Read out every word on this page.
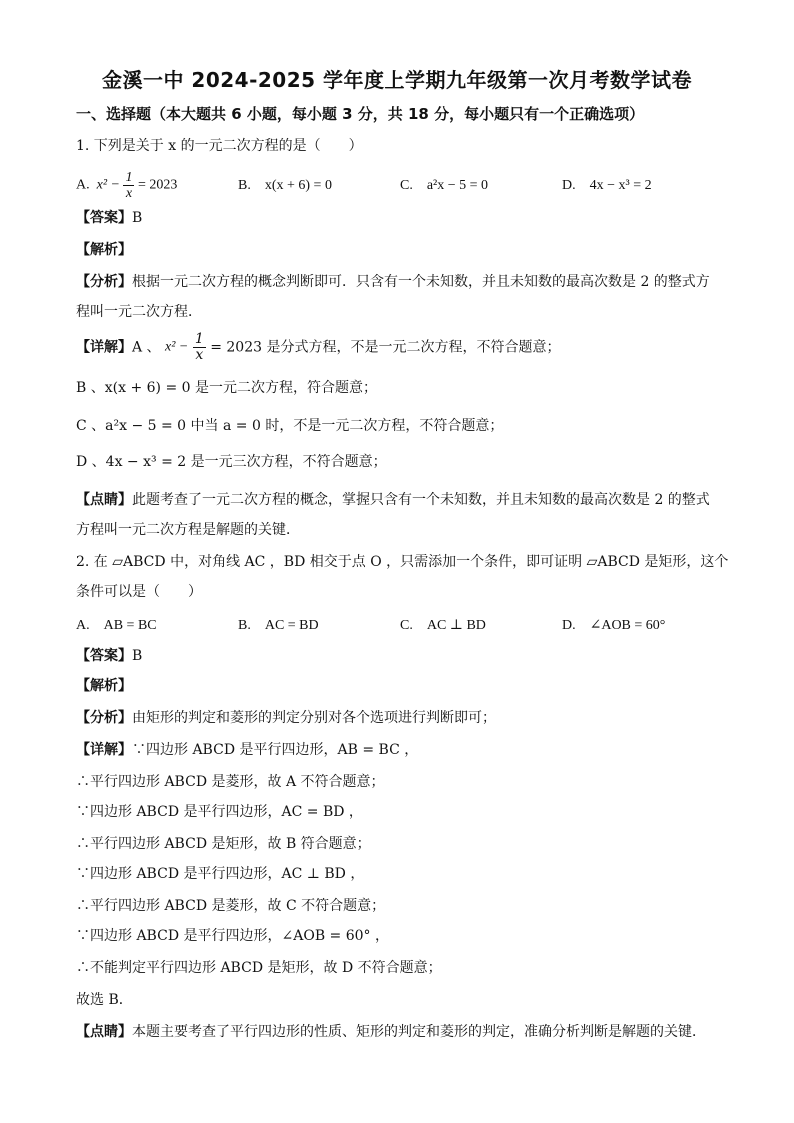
金溪一中 2024-2025 学年度上学期九年级第一次月考数学试卷
一、选择题（本大题共 6 小题，每小题 3 分，共 18 分，每小题只有一个正确选项）
1. 下列是关于 x 的一元二次方程的是（　　）
A. $x^2 - \frac{1}{x} = 2023$	B.　x(x + 6) = 0	C.　a²x − 5 = 0	D.　4x − x³ = 2
【答案】B
【解析】
【分析】根据一元二次方程的概念判断即可．只含有一个未知数，并且未知数的最高次数是 2 的整式方
程叫一元二次方程．
【详解】A 、 $x^2 - \frac{1}{x} = 2023$ 是分式方程，不是一元二次方程，不符合题意；
B 、x(x + 6) = 0 是一元二次方程，符合题意；
C 、a²x − 5 = 0 中当 a = 0 时，不是一元二次方程，不符合题意；
D 、4x − x³ = 2 是一元三次方程，不符合题意；
【点睛】此题考查了一元二次方程的概念，掌握只含有一个未知数，并且未知数的最高次数是 2 的整式
方程叫一元二次方程是解题的关键．
2. 在 ▱ABCD 中，对角线 AC ，BD 相交于点 O ，只需添加一个条件，即可证明 ▱ABCD 是矩形，这个
条件可以是（　　）
A.　AB = BC	B.　AC = BD	C.　AC ⊥ BD	D.　∠AOB = 60°
【答案】B
【解析】
【分析】由矩形的判定和菱形的判定分别对各个选项进行判断即可；
【详解】∵四边形 ABCD 是平行四边形，AB = BC ，
∴平行四边形 ABCD 是菱形，故 A 不符合题意；
∵四边形 ABCD 是平行四边形，AC = BD ，
∴平行四边形 ABCD 是矩形，故 B 符合题意；
∵四边形 ABCD 是平行四边形，AC ⊥ BD ，
∴平行四边形 ABCD 是菱形，故 C 不符合题意；
∵四边形 ABCD 是平行四边形，∠AOB = 60° ，
∴不能判定平行四边形 ABCD 是矩形，故 D 不符合题意；
故选 B．
【点睛】本题主要考查了平行四边形的性质、矩形的判定和菱形的判定，准确分析判断是解题的关键．
